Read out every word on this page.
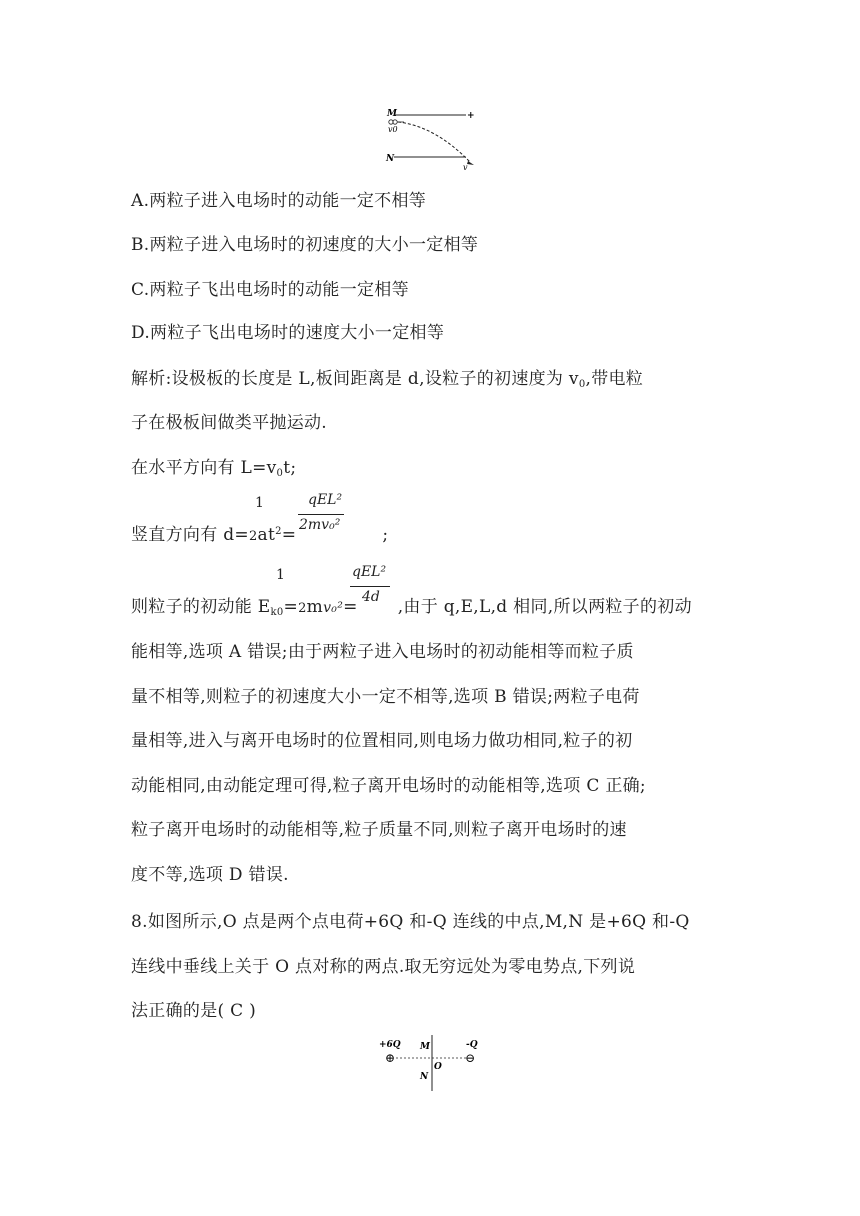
M	+
v0
N
v
A.两粒子进入电场时的动能一定不相等
B.两粒子进入电场时的初速度的大小一定相等
C.两粒子飞出电场时的动能一定相等
D.两粒子飞出电场时的速度大小一定相等
解析:设极板的长度是 L,板间距离是 d,设粒子的初速度为 $v_0$,带电粒
子在极板间做类平抛运动.
在水平方向有 $L=v_0t$;
竖直方向有 $d=2at^2=$	;
1	qEL²
2mv₀²
则粒子的初动能 $E_{k0}=2mv_0^2=$ ,由于 q,E,L,d 相同,所以两粒子的初动
1	qEL²
4d
能相等,选项 A 错误;由于两粒子进入电场时的初动能相等而粒子质
量不相等,则粒子的初速度大小一定不相等,选项 B 错误;两粒子电荷
量相等,进入与离开电场时的位置相同,则电场力做功相同,粒子的初
动能相同,由动能定理可得,粒子离开电场时的动能相等,选项 C 正确;
粒子离开电场时的动能相等,粒子质量不同,则粒子离开电场时的速
度不等,选项 D 错误.
8.如图所示,O 点是两个点电荷+6Q 和-Q 连线的中点,M,N 是+6Q 和-Q
连线中垂线上关于 O 点对称的两点.取无穷远处为零电势点,下列说
法正确的是( C )
+6Q
⊕
M
O
N
-Q
⊖
